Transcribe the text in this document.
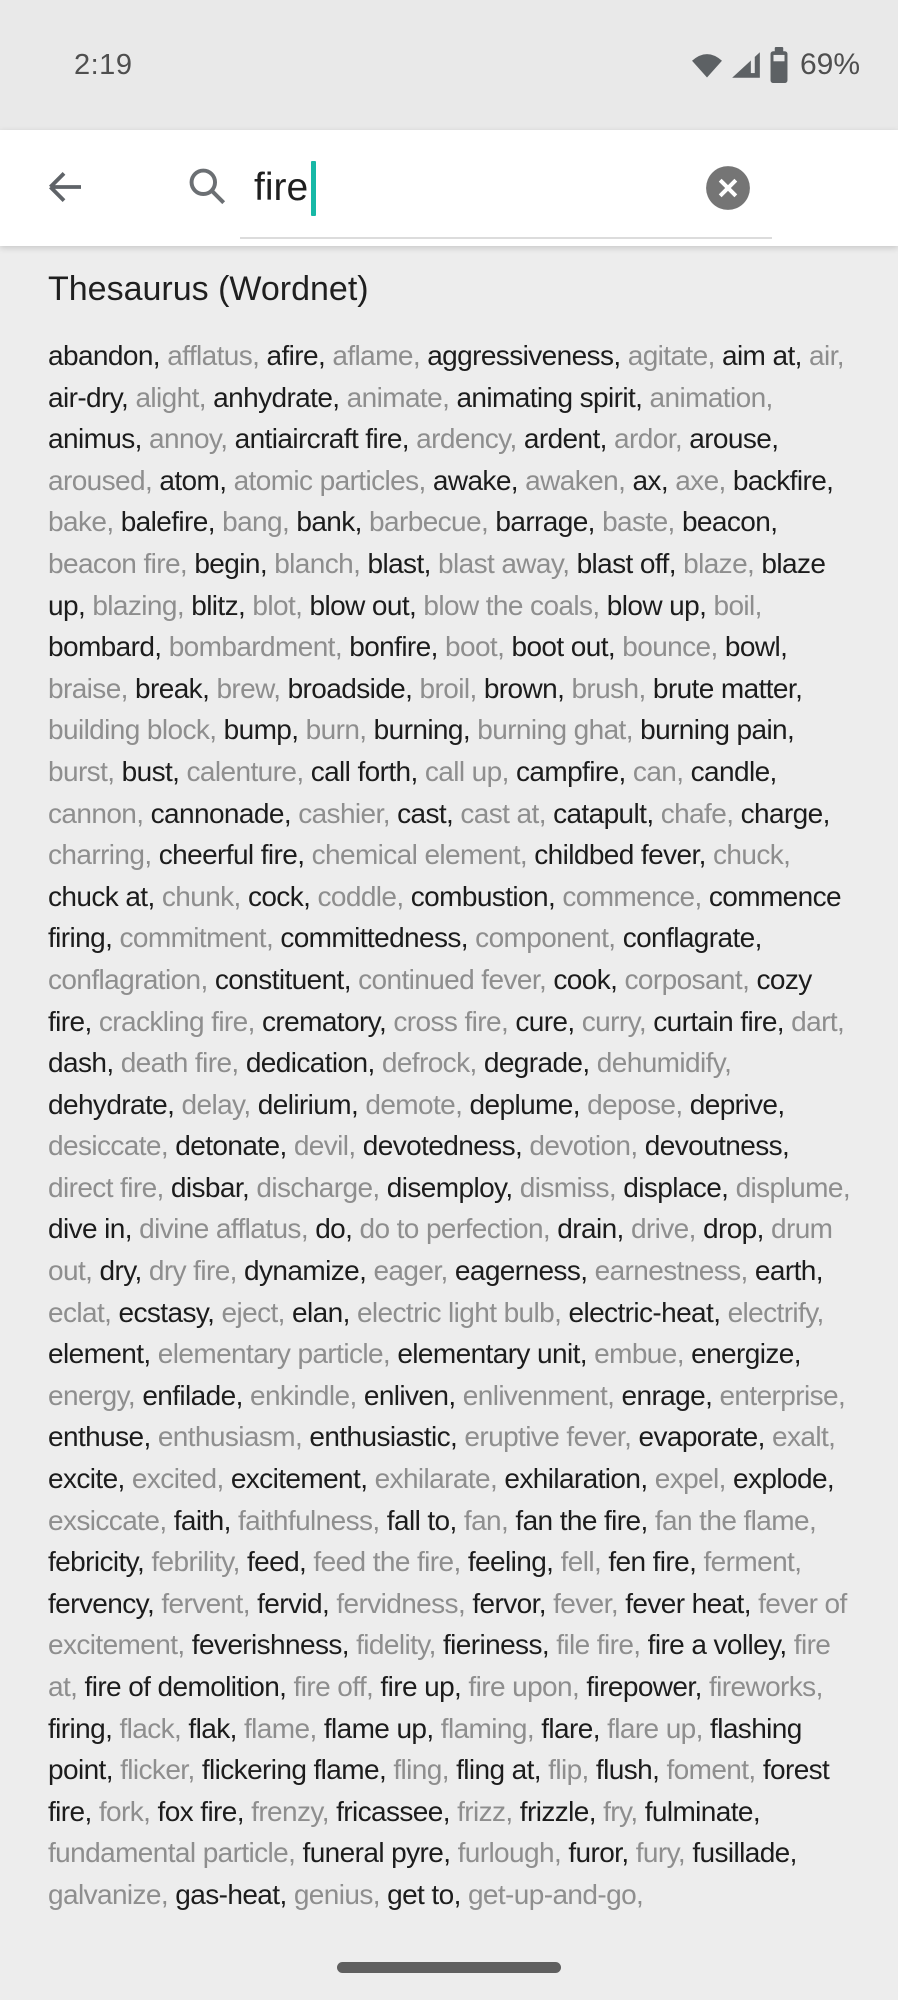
2:19	69%
fire
Thesaurus (Wordnet)

abandon, afflatus, afire, aflame, aggressiveness, agitate, aim at, air, air-dry, alight, anhydrate, animate, animating spirit, animation, animus, annoy, antiaircraft fire, ardency, ardent, ardor, arouse, aroused, atom, atomic particles, awake, awaken, ax, axe, backfire, bake, balefire, bang, bank, barbecue, barrage, baste, beacon, beacon fire, begin, blanch, blast, blast away, blast off, blaze, blaze up, blazing, blitz, blot, blow out, blow the coals, blow up, boil, bombard, bombardment, bonfire, boot, boot out, bounce, bowl, braise, break, brew, broadside, broil, brown, brush, brute matter, building block, bump, burn, burning, burning ghat, burning pain, burst, bust, calenture, call forth, call up, campfire, can, candle, cannon, cannonade, cashier, cast, cast at, catapult, chafe, charge, charring, cheerful fire, chemical element, childbed fever, chuck, chuck at, chunk, cock, coddle, combustion, commence, commence firing, commitment, committedness, component, conflagrate, conflagration, constituent, continued fever, cook, corposant, cozy fire, crackling fire, crematory, cross fire, cure, curry, curtain fire, dart, dash, death fire, dedication, defrock, degrade, dehumidify, dehydrate, delay, delirium, demote, deplume, depose, deprive, desiccate, detonate, devil, devotedness, devotion, devoutness, direct fire, disbar, discharge, disemploy, dismiss, displace, displume, dive in, divine afflatus, do, do to perfection, drain, drive, drop, drum out, dry, dry fire, dynamize, eager, eagerness, earnestness, earth, eclat, ecstasy, eject, elan, electric light bulb, electric-heat, electrify, element, elementary particle, elementary unit, embue, energize, energy, enfilade, enkindle, enliven, enlivenment, enrage, enterprise, enthuse, enthusiasm, enthusiastic, eruptive fever, evaporate, exalt, excite, excited, excitement, exhilarate, exhilaration, expel, explode, exsiccate, faith, faithfulness, fall to, fan, fan the fire, fan the flame, febricity, febrility, feed, feed the fire, feeling, fell, fen fire, ferment, fervency, fervent, fervid, fervidness, fervor, fever, fever heat, fever of excitement, feverishness, fidelity, fieriness, file fire, fire a volley, fire at, fire of demolition, fire off, fire up, fire upon, firepower, fireworks, firing, flack, flak, flame, flame up, flaming, flare, flare up, flashing point, flicker, flickering flame, fling, fling at, flip, flush, foment, forest fire, fork, fox fire, frenzy, fricassee, frizz, frizzle, fry, fulminate, fundamental particle, funeral pyre, furlough, furor, fury, fusillade, galvanize, gas-heat, genius, get to, get-up-and-go,
